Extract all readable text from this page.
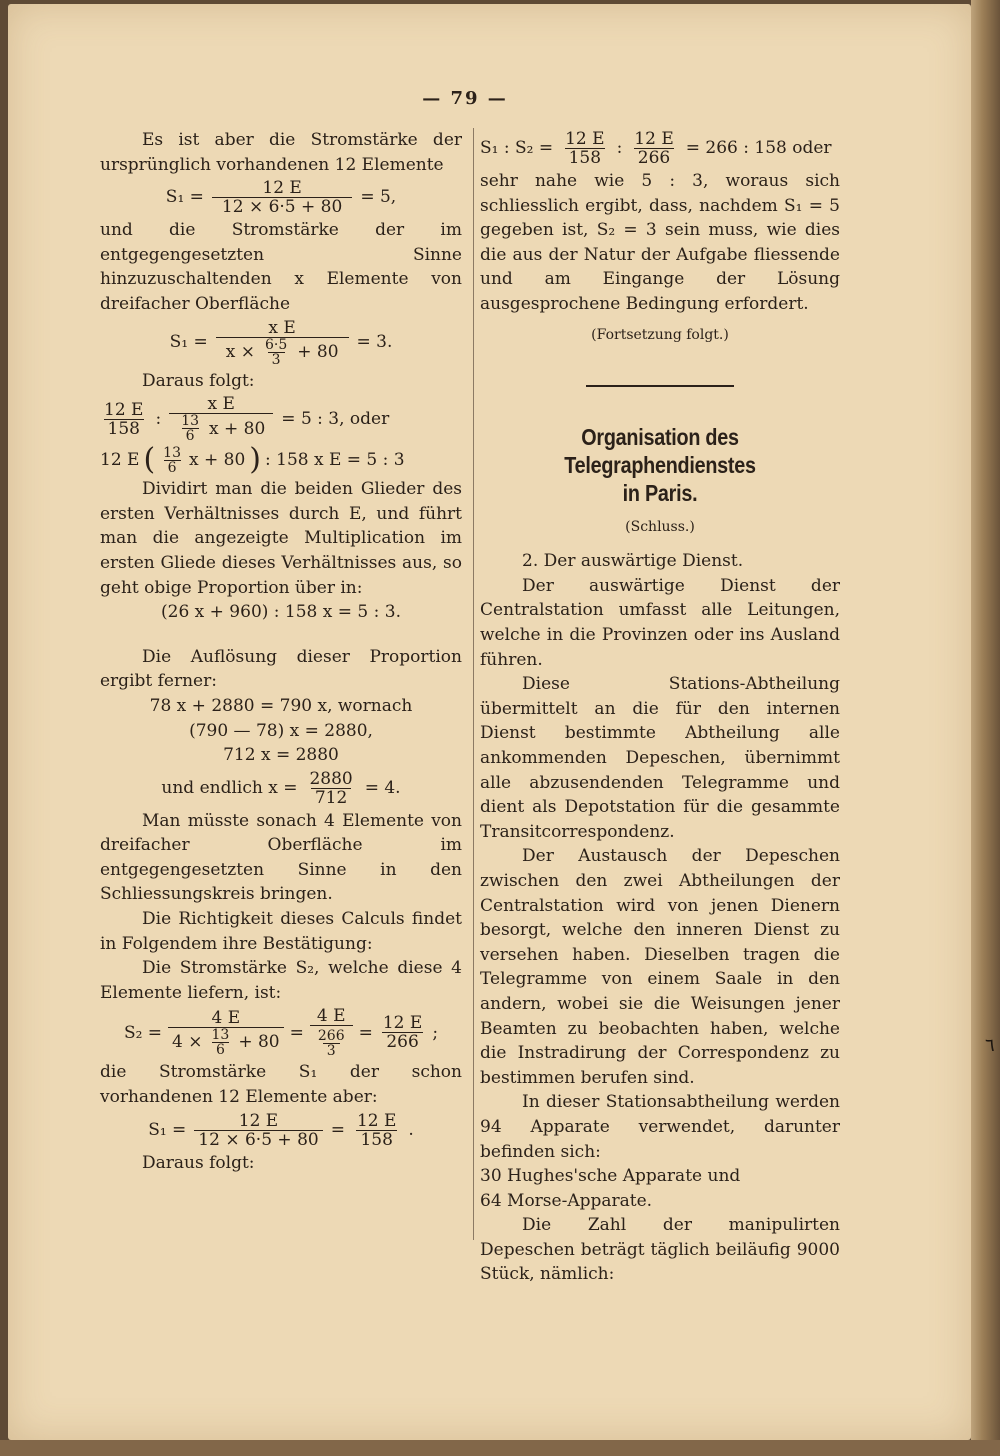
— 79 —

Es ist aber die Stromstärke der ursprünglich vorhandenen 12 Elemente

$S_1 = \frac{12 E}{12 \times 6\cdot 5 + 80} = 5$,

und die Stromstärke der im entgegengesetzten Sinne hinzuzuschaltenden x Elemente von dreifacher Oberfläche

$S_1 = \frac{\text{x E}}{x \times \frac{6\cdot 5}{3} + 80} = 3$.

Daraus folgt:

$\frac{12 E}{158}$ : $\frac{\text{x E}}{\frac{13}{6} x + 80} = 5$ : 3, oder
12 E ( $\frac{13}{6}$ x + 80 ) : 158 x E = 5 : 3

Dividirt man die beiden Glieder des ersten Verhältnisses durch E, und führt man die angezeigte Multiplication im ersten Gliede dieses Verhältnisses aus, so geht obige Proportion über in:

(26 x + 960) : 158 x = 5 : 3.

Die Auflösung dieser Proportion ergibt ferner:

78 x + 2880 = 790 x, wornach

(790 — 78) x = 2880,

712 x = 2880

und endlich $x = \frac{2880}{712} = 4$.

Man müsste sonach 4 Elemente von dreifacher Oberfläche im entgegengesetzten Sinne in den Schliessungskreis bringen.

Die Richtigkeit dieses Calculs findet in Folgendem ihre Bestätigung:

Die Stromstärke S₂, welche diese 4 Elemente liefern, ist:

$S_2 = \frac{4 E}{4 \times \frac{13}{6} + 80} = \frac{4 E}{\frac{266}{3}} = \frac{12 E}{266}$ ;

die Stromstärke S₁ der schon vorhandenen 12 Elemente aber:

$S_1 = \frac{12 E}{12 \times 6\cdot 5 + 80} = \frac{12 E}{158}$ .

Daraus folgt:

S₁ : $S_2 = \frac{12 E}{158}$ : $\frac{12 E}{266} = 266$ : 158 oder

sehr nahe wie 5 : 3, woraus sich schliesslich ergibt, dass, nachdem S₁ = 5 gegeben ist, S₂ = 3 sein muss, wie dies die aus der Natur der Aufgabe fliessende und am Eingange der Lösung ausgesprochene Bedingung erfordert.

(Fortsetzung folgt.)

Organisation des Telegraphendienstes
in Paris.

(Schluss.)

2. Der auswärtige Dienst.

Der auswärtige Dienst der Centralstation umfasst alle Leitungen, welche in die Provinzen oder ins Ausland führen.

Diese Stations-Abtheilung übermittelt an die für den internen Dienst bestimmte Abtheilung alle ankommenden Depeschen, übernimmt alle abzusendenden Telegramme und dient als Depotstation für die gesammte Transitcorrespondenz.

Der Austausch der Depeschen zwischen den zwei Abtheilungen der Centralstation wird von jenen Dienern besorgt, welche den inneren Dienst zu versehen haben. Dieselben tragen die Telegramme von einem Saale in den andern, wobei sie die Weisungen jener Beamten zu beobachten haben, welche die Instradirung der Correspondenz zu bestimmen berufen sind.

In dieser Stationsabtheilung werden 94 Apparate verwendet, darunter befinden sich:

30 Hughes'sche Apparate und

64 Morse-Apparate.

Die Zahl der manipulirten Depeschen beträgt täglich beiläufig 9000 Stück, nämlich:

٦
